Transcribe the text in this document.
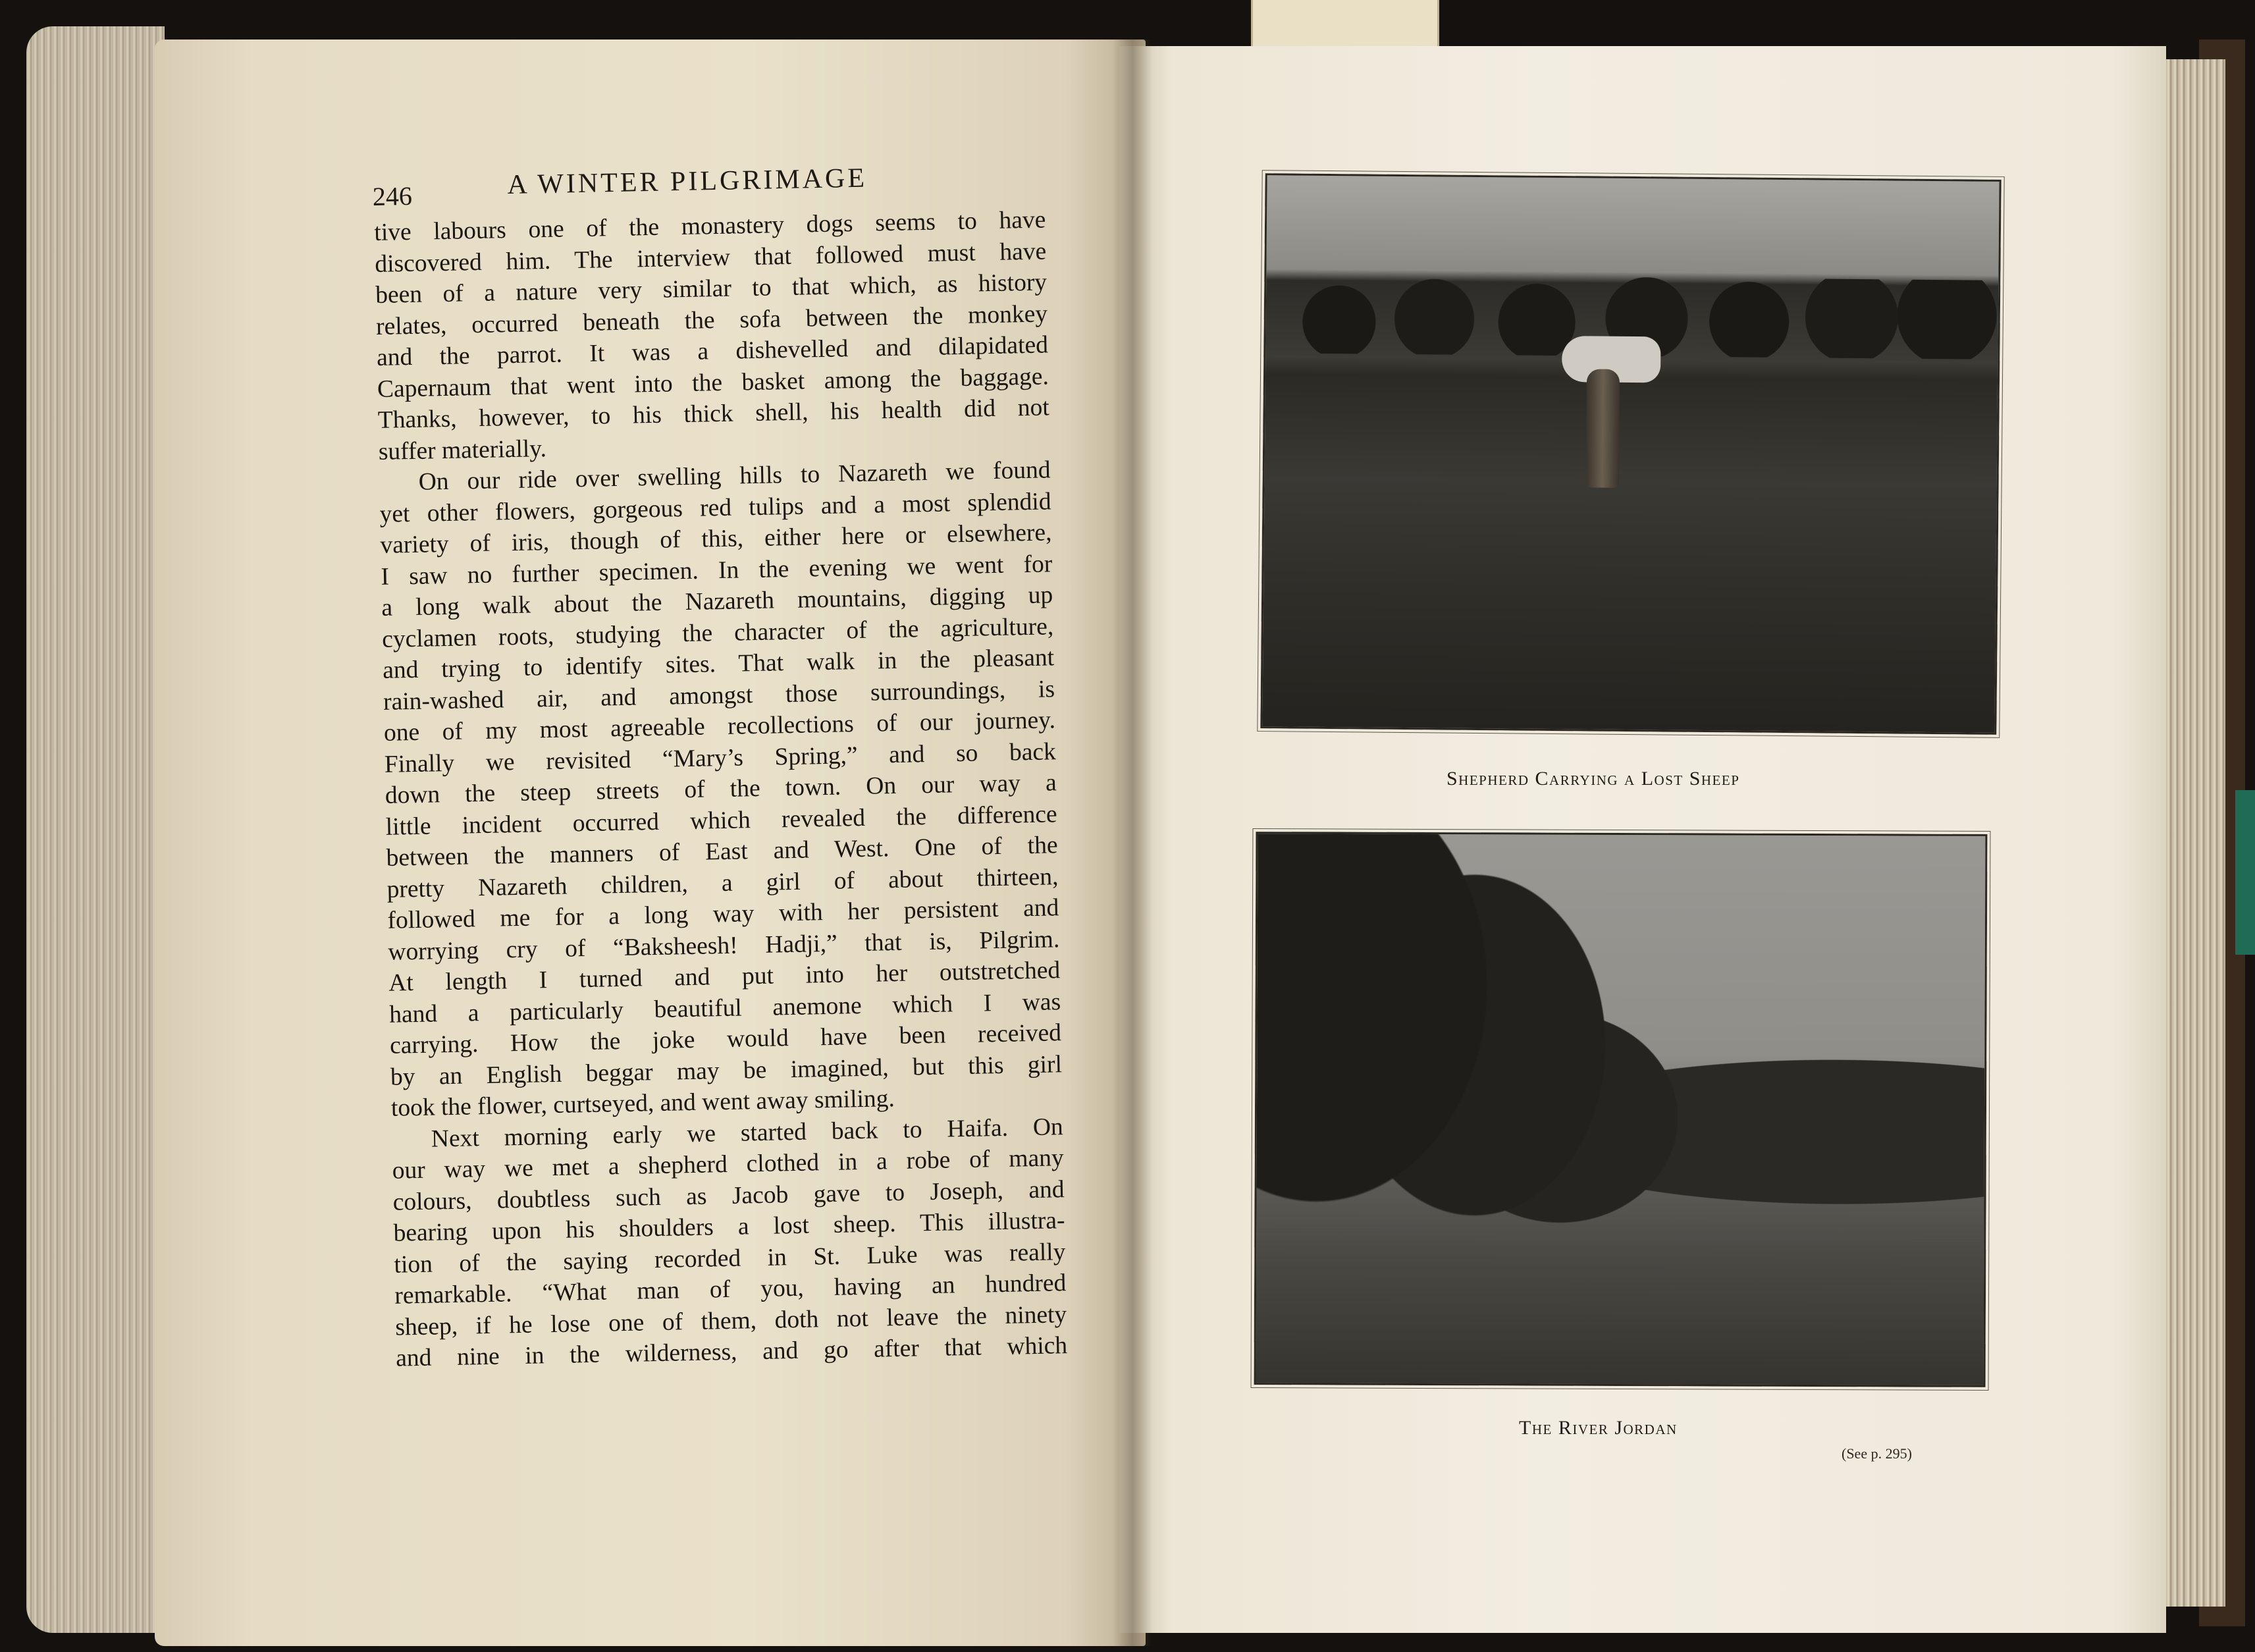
246	A WINTER PILGRIMAGE
tive labours one of the monastery dogs seems to have
discovered him. The interview that followed must have
been of a nature very similar to that which, as history
relates, occurred beneath the sofa between the monkey
and the parrot. It was a dishevelled and dilapidated
Capernaum that went into the basket among the baggage.
Thanks, however, to his thick shell, his health did not
suffer materially.
On our ride over swelling hills to Nazareth we found
yet other flowers, gorgeous red tulips and a most splendid
variety of iris, though of this, either here or elsewhere,
I saw no further specimen. In the evening we went for
a long walk about the Nazareth mountains, digging up
cyclamen roots, studying the character of the agriculture,
and trying to identify sites. That walk in the pleasant
rain-washed air, and amongst those surroundings, is
one of my most agreeable recollections of our journey.
Finally we revisited “Mary’s Spring,” and so back
down the steep streets of the town. On our way a
little incident occurred which revealed the difference
between the manners of East and West. One of the
pretty Nazareth children, a girl of about thirteen,
followed me for a long way with her persistent and
worrying cry of “Baksheesh! Hadji,” that is, Pilgrim.
At length I turned and put into her outstretched
hand a particularly beautiful anemone which I was
carrying. How the joke would have been received
by an English beggar may be imagined, but this girl
took the flower, curtseyed, and went away smiling.
Next morning early we started back to Haifa. On
our way we met a shepherd clothed in a robe of many
colours, doubtless such as Jacob gave to Joseph, and
bearing upon his shoulders a lost sheep. This illustra-
tion of the saying recorded in St. Luke was really
remarkable. “What man of you, having an hundred
sheep, if he lose one of them, doth not leave the ninety
and nine in the wilderness, and go after that which
Shepherd Carrying a Lost Sheep
The River Jordan
(See p. 295)
